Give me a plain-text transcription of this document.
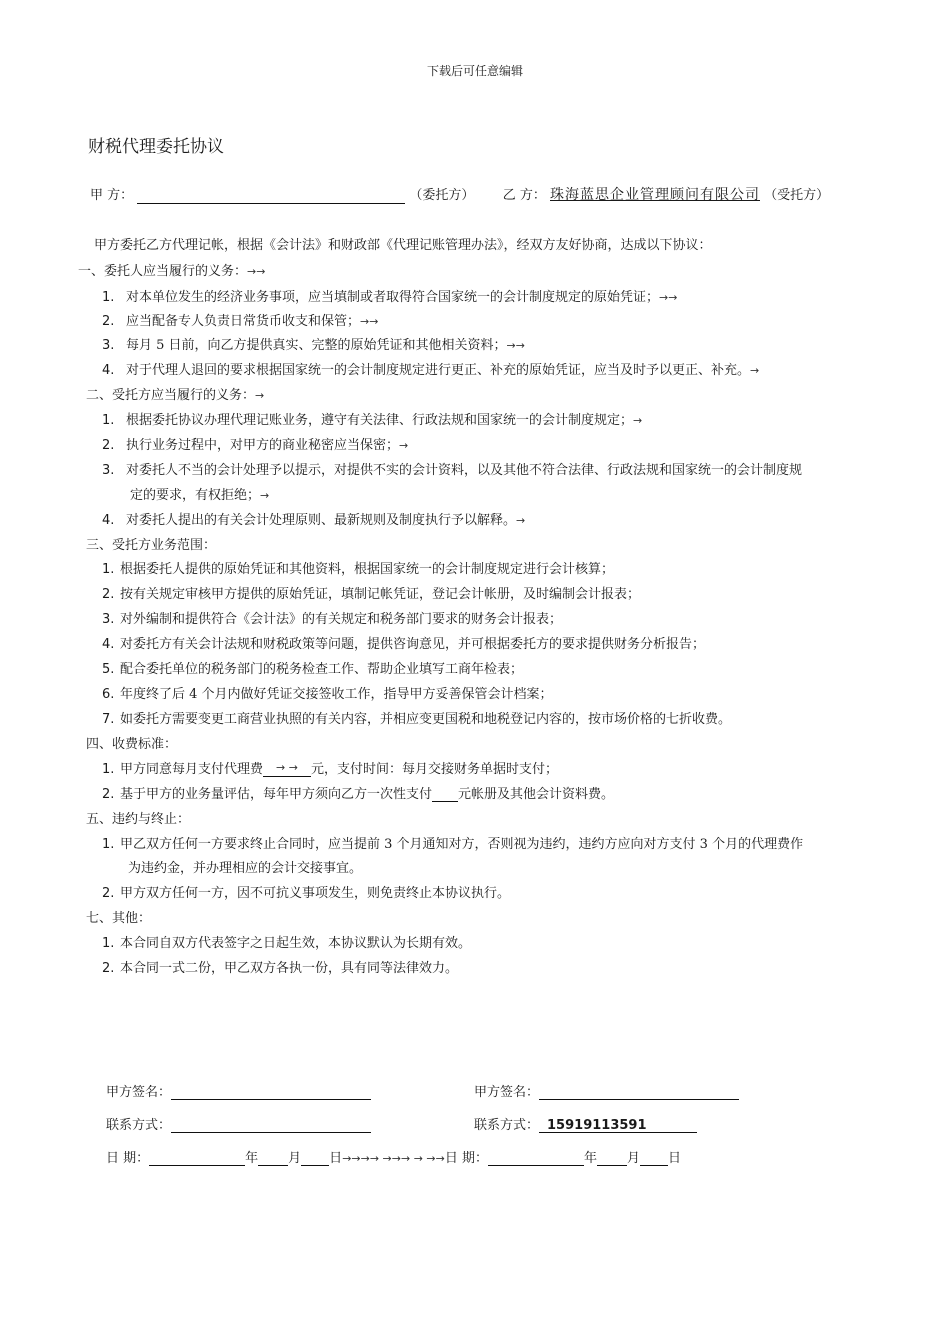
下载后可任意编辑
财税代理委托协议
甲 方：	（委托方） 乙 方： 珠海蓝思企业管理顾问有限公司 （受托方）
甲方委托乙方代理记帐，根据《会计法》和财政部《代理记账管理办法》，经双方友好协商，达成以下协议：
一、委托人应当履行的义务：→→
1. 对本单位发生的经济业务事项，应当填制或者取得符合国家统一的会计制度规定的原始凭证；→→
2. 应当配备专人负责日常货币收支和保管；→→
3. 每月 5 日前，向乙方提供真实、完整的原始凭证和其他相关资料；→→
4. 对于代理人退回的要求根据国家统一的会计制度规定进行更正、补充的原始凭证，应当及时予以更正、补充。→
二、受托方应当履行的义务：→
1. 根据委托协议办理代理记账业务，遵守有关法律、行政法规和国家统一的会计制度规定；→
2. 执行业务过程中，对甲方的商业秘密应当保密；→
3. 对委托人不当的会计处理予以提示，对提供不实的会计资料，以及其他不符合法律、行政法规和国家统一的会计制度规
定的要求，有权拒绝；→
4. 对委托人提出的有关会计处理原则、最新规则及制度执行予以解释。→
三、受托方业务范围：
1. 根据委托人提供的原始凭证和其他资料，根据国家统一的会计制度规定进行会计核算；
2. 按有关规定审核甲方提供的原始凭证，填制记帐凭证，登记会计帐册，及时编制会计报表；
3. 对外编制和提供符合《会计法》的有关规定和税务部门要求的财务会计报表；
4. 对委托方有关会计法规和财税政策等问题，提供咨询意见，并可根据委托方的要求提供财务分析报告；
5. 配合委托单位的税务部门的税务检查工作、帮助企业填写工商年检表；
6. 年度终了后 4 个月内做好凭证交接签收工作，指导甲方妥善保管会计档案；
7. 如委托方需要变更工商营业执照的有关内容，并相应变更国税和地税登记内容的，按市场价格的七折收费。
四、收费标准：
1. 甲方同意每月支付代理费 → → 元，支付时间：每月交接财务单据时支付；
2. 基于甲方的业务量评估，每年甲方须向乙方一次性支付 元帐册及其他会计资料费。
五、违约与终止：
1. 甲乙双方任何一方要求终止合同时，应当提前 3 个月通知对方，否则视为违约，违约方应向对方支付 3 个月的代理费作
为违约金，并办理相应的会计交接事宜。
2. 甲方双方任何一方，因不可抗义事项发生，则免责终止本协议执行。
七、其他：
1. 本合同自双方代表签字之日起生效，本协议默认为长期有效。
2. 本合同一式二份，甲乙双方各执一份，具有同等法律效力。
甲方签名：	甲方签名：
联系方式：	联系方式： 15919113591
日 期：	年 月 日→→→→ →→→ → →→日 期：	年 月 日
